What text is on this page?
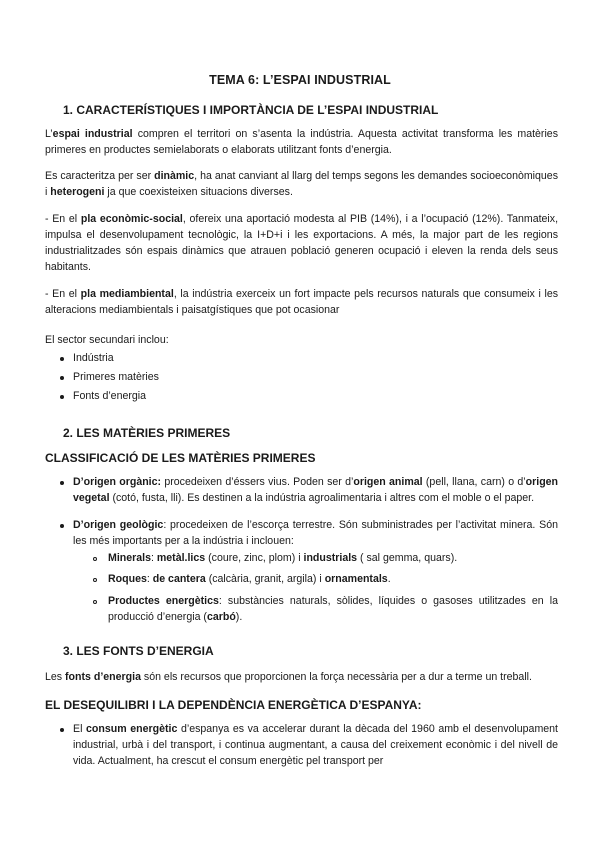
TEMA 6: L’ESPAI INDUSTRIAL
1. CARACTERÍSTIQUES I IMPORTÀNCIA DE L’ESPAI INDUSTRIAL
L’espai industrial compren el territori on s’asenta la indústria. Aquesta activitat transforma les matèries primeres en productes semielaborats o elaborats utilitzant fonts d’energia.
Es caracteritza per ser dinàmic, ha anat canviant al llarg del temps segons les demandes socioeconòmiques i heterogeni ja que coexisteixen situacions diverses.
- En el pla econòmic-social, ofereix una aportació modesta al PIB (14%), i a l’ocupació (12%). Tanmateix, impulsa el desenvolupament tecnològic, la I+D+i i les exportacions. A més, la major part de les regions industrialitzades són espais dinàmics que atrauen població generen ocupació i eleven la renda dels seus habitants.
- En el pla mediambiental, la indústria exerceix un fort impacte pels recursos naturals que consumeix i les alteracions mediambientals i paisatgístiques que pot ocasionar
El sector secundari inclou:
Indústria
Primeres matèries
Fonts d’energia
2. LES MATÈRIES PRIMERES
CLASSIFICACIÓ DE LES MATÈRIES PRIMERES
D’origen orgànic: procedeixen d’éssers vius. Poden ser d’origen animal (pell, llana, carn) o d’origen vegetal (cotó, fusta, lli). Es destinen a la indústria agroalimentaria i altres com el moble o el paper.
D’origen geològic: procedeixen de l’escorça terrestre. Són subministrades per l’activitat minera. Són les més importants per a la indústria i inclouen:
Minerals: metàl.lics (coure, zinc, plom) i industrials ( sal gemma, quars).
Roques: de cantera (calcària, granit, argila) i ornamentals.
Productes energètics: substàncies naturals, sòlides, líquides o gasoses utilitzades en la producció d’energia (carbó).
3. LES FONTS D’ENERGIA
Les fonts d’energia són els recursos que proporcionen la força necessària per a dur a terme un treball.
EL DESEQUILIBRI I LA DEPENDÈNCIA ENERGÈTICA D’ESPANYA:
El consum energètic d’espanya es va accelerar durant la dècada del 1960 amb el desenvolupament industrial, urbà i del transport, i continua augmentant, a causa del creixement econòmic i del nivell de vida. Actualment, ha crescut el consum energètic pel transport per
